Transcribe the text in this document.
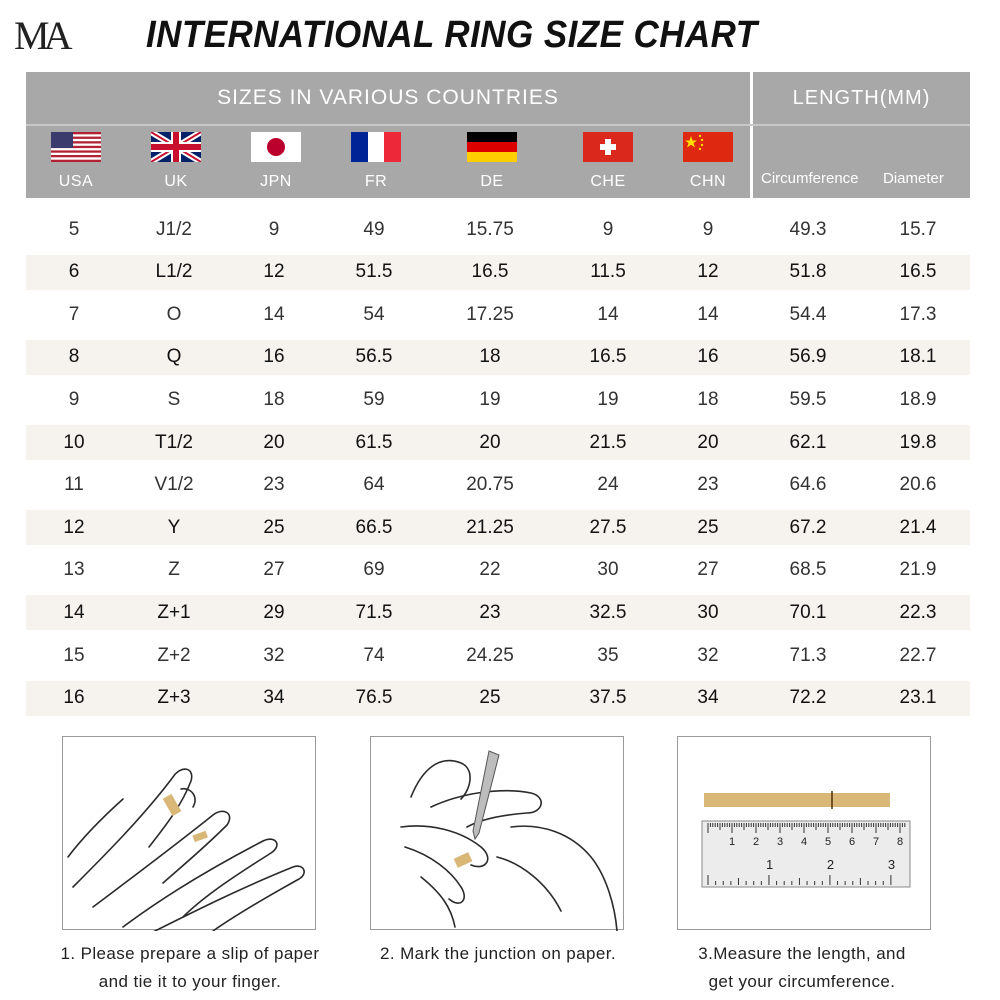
MA INTERNATIONAL RING SIZE CHART
SIZES IN VARIOUS COUNTRIES	LENGTH(MM)
USA	UK	JPN	FR	DE	CHE	CHN	Circumference Diameter
5	J1/2	9	49	15.75	9	9	49.3	15.7
6	L1/2	12	51.5	16.5	11.5	12	51.8	16.5
7	O	14	54	17.25	14	14	54.4	17.3
8	Q	16	56.5	18	16.5	16	56.9	18.1
9	S	18	59	19	19	18	59.5	18.9
10	T1/2	20	61.5	20	21.5	20	62.1	19.8
11	V1/2	23	64	20.75	24	23	64.6	20.6
12	Y	25	66.5	21.25	27.5	25	67.2	21.4
13	Z	27	69	22	30	27	68.5	21.9
14	Z+1	29	71.5	23	32.5	30	70.1	22.3
15	Z+2	32	74	24.25	35	32	71.3	22.7
16	Z+3	34	76.5	25	37.5	34	72.2	23.1
1 2 3 4 5 6 7 8
1	2	3
1. Please prepare a slip of paper
and tie it to your finger.
2. Mark the junction on paper.	3.Measure the length, and
get your circumference.
